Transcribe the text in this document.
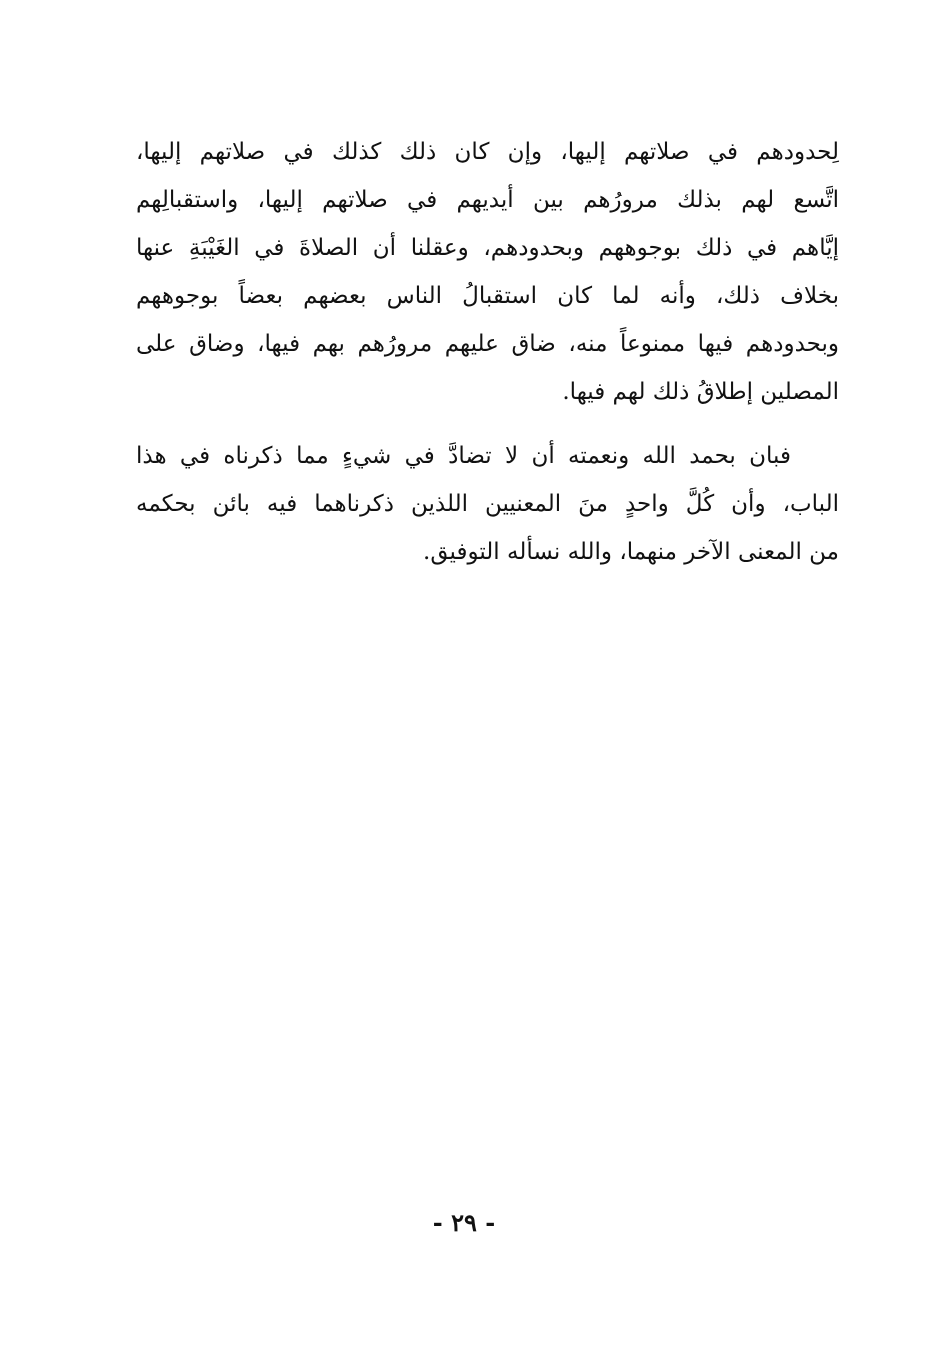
لِحدودهم في صلاتهم إليها، وإن كان ذلك كذلك في صلاتهم إليها،
اتَّسع لهم بذلك مرورُهم بين أيديهم في صلاتهم إليها، واستقبالِهم
إيَّاهم في ذلك بوجوههم وبحدودهم، وعقلنا أن الصلاةَ في الغَيْبَةِ عنها
بخلاف ذلك، وأنه لما كان استقبالُ الناس بعضهم بعضاً بوجوههم
وبحدودهم فيها ممنوعاً منه، ضاق عليهم مرورُهم بهم فيها، وضاق على
المصلين إطلاقُ ذلك لهم فيها.
فبان بحمد الله ونعمته أن لا تضادَّ في شيءٍ مما ذكرناه في هذا
الباب، وأن كُلَّ واحدٍ منَ المعنيين اللذين ذكرناهما فيه بائن بحكمه
من المعنى الآخر منهما، والله نسأله التوفيق.
- ٢٩ -
